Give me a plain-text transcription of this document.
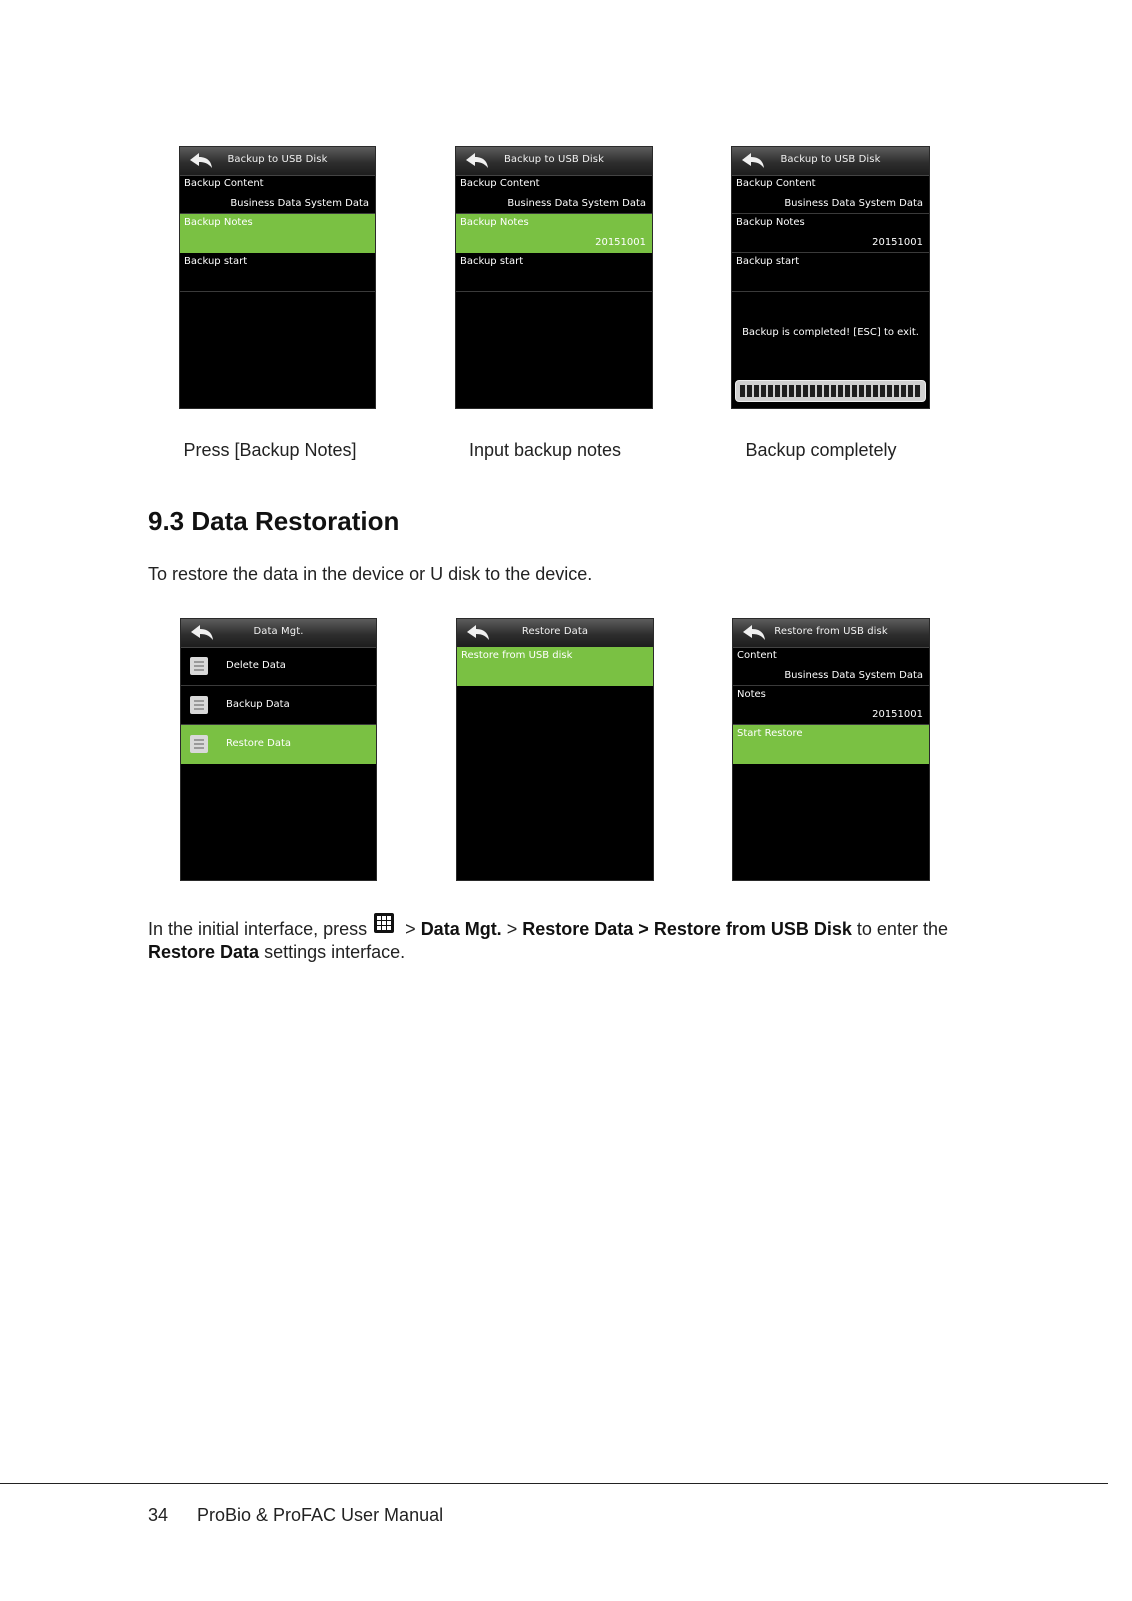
Backup to USB Disk
Backup Content
Business Data System Data
Backup Notes
Backup start
Backup to USB Disk
Backup Content
Business Data System Data
Backup Notes
20151001
Backup start
Backup to USB Disk
Backup Content
Business Data System Data
Backup Notes
20151001
Backup start
Backup is completed! [ESC] to exit.
Press [Backup Notes]	Input backup notes	Backup completely
9.3 Data Restoration

To restore the data in the device or U disk to the device.

Data Mgt.
Delete Data
Backup Data
Restore Data
Restore Data
Restore from USB disk
Restore from USB disk
Content
Business Data System Data
Notes
20151001
Start Restore

In the initial interface, press > Data Mgt. > Restore Data > Restore from USB Disk to enter the

Restore Data settings interface.

34 ProBio & ProFAC User Manual
